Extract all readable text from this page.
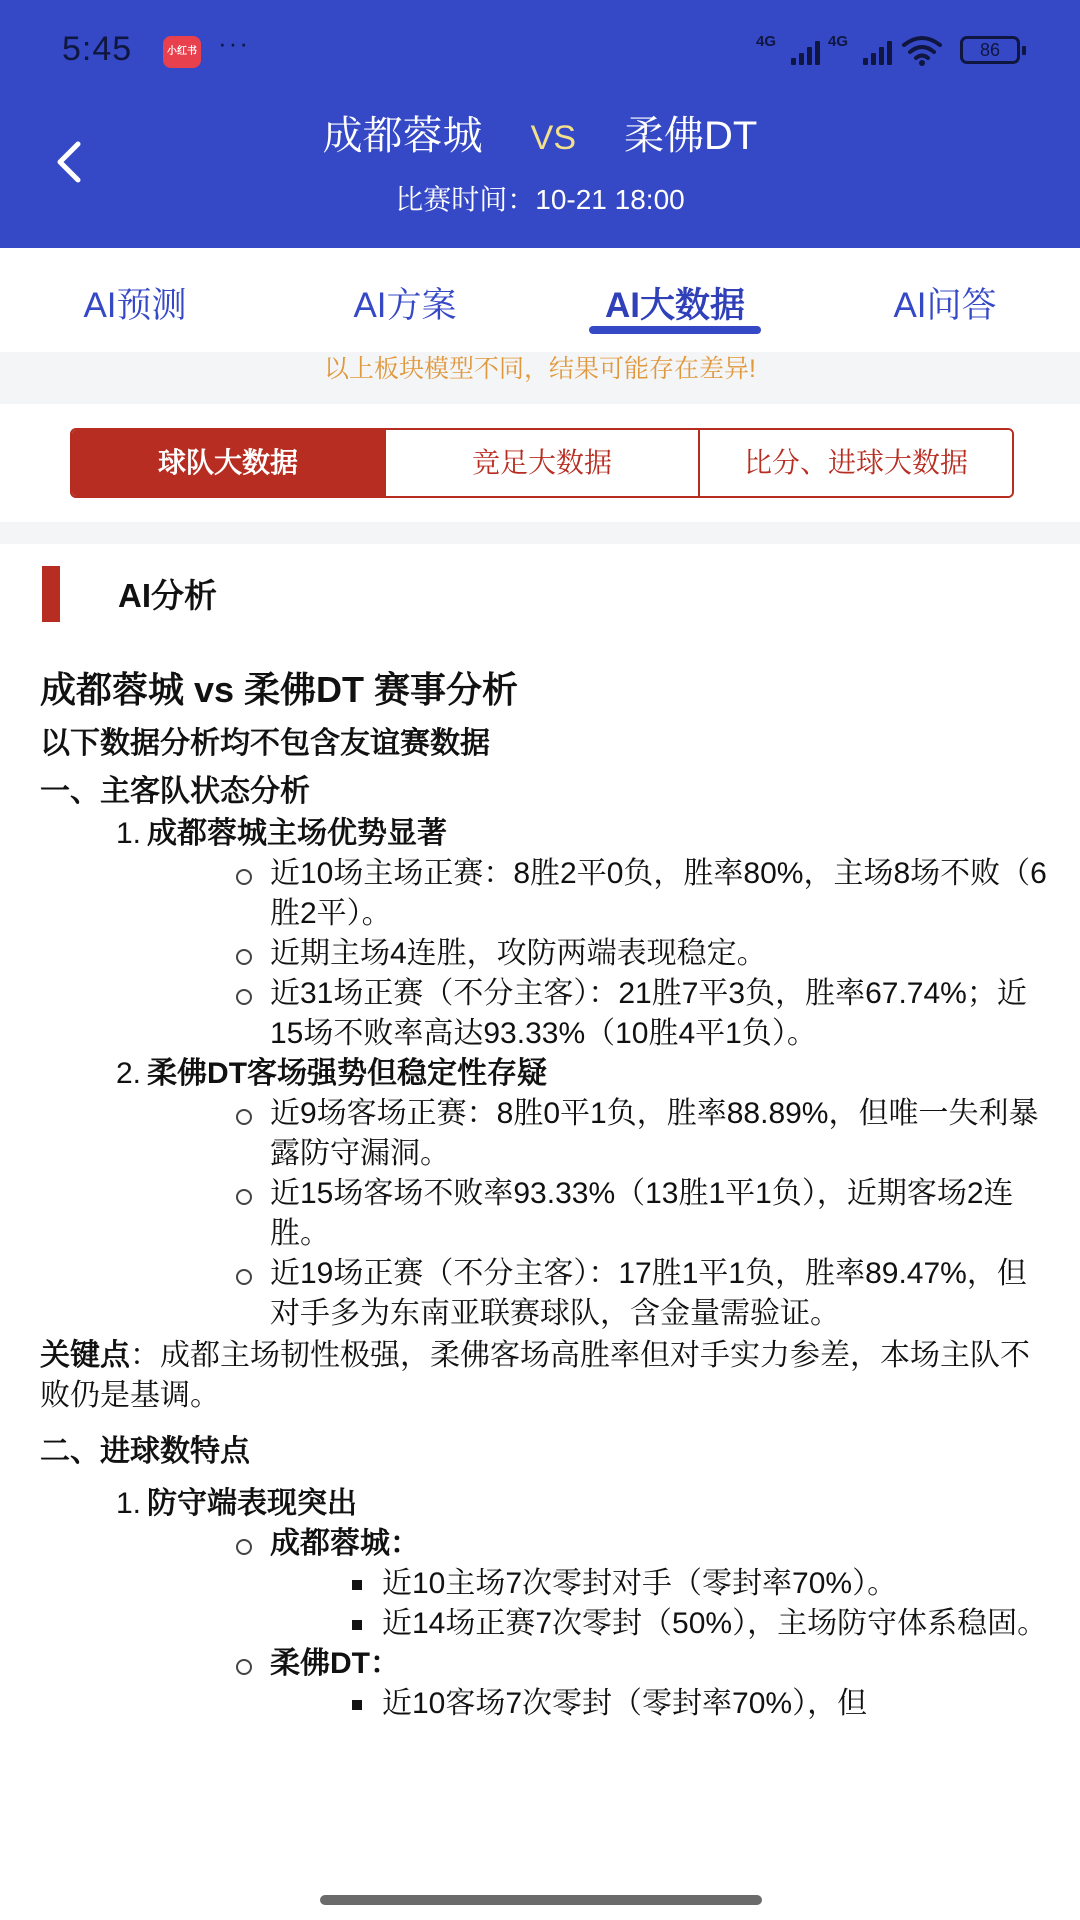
5:45	小红书 ···	4G	4G	86
成都蓉城 VS 柔佛DT
比赛时间：10-21 18:00
AI预测	AI方案	AI大数据	AI问答
以上板块模型不同，结果可能存在差异!
球队大数据	竞足大数据	比分、进球大数据
AI分析
成都蓉城 vs 柔佛DT 赛事分析
以下数据分析均不包含友谊赛数据
一、主客队状态分析
1. 成都蓉城主场优势显著
近10场主场正赛：8胜2平0负，胜率80%，主场8场不败（6胜2平）。
近期主场4连胜，攻防两端表现稳定。
近31场正赛（不分主客）：21胜7平3负，胜率67.74%；近15场不败率高达93.33%（10胜4平1负）。
2. 柔佛DT客场强势但稳定性存疑
近9场客场正赛：8胜0平1负，胜率88.89%，但唯一失利暴露防守漏洞。
近15场客场不败率93.33%（13胜1平1负），近期客场2连胜。
近19场正赛（不分主客）：17胜1平1负，胜率89.47%，但对手多为东南亚联赛球队，含金量需验证。
关键点：成都主场韧性极强，柔佛客场高胜率但对手实力参差，本场主队不败仍是基调。
二、进球数特点
1. 防守端表现突出
成都蓉城：
近10主场7次零封对手（零封率70%）。
近14场正赛7次零封（50%），主场防守体系稳固。
柔佛DT：
近10客场7次零封（零封率70%），但
